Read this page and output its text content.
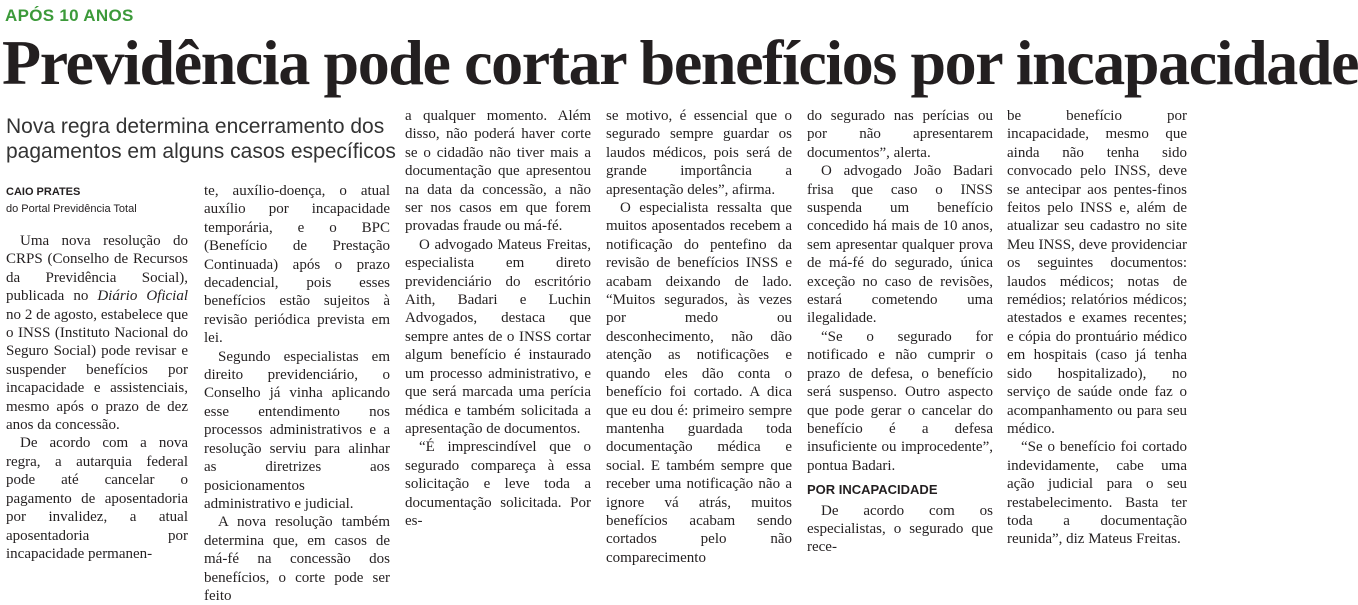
APÓS 10 ANOS
Previdência pode cortar benefícios por incapacidade
Nova regra determina encerramento dos pagamentos em alguns casos específicos
CAIO PRATES
do Portal Previdência Total

Uma nova resolução do CRPS (Conselho de Recursos da Previdência Social), publicada no Diário Oficial no 2 de agosto, estabelece que o INSS (Instituto Nacional do Seguro Social) pode revisar e suspender benefícios por incapacidade e assistenciais, mesmo após o prazo de dez anos da concessão.

De acordo com a nova regra, a autarquia federal pode até cancelar o pagamento de aposentadoria por invalidez, a atual aposentadoria por incapacidade permanen-

te, auxílio-doença, o atual auxílio por incapacidade temporária, e o BPC (Benefício de Prestação Continuada) após o prazo decadencial, pois esses benefícios estão sujeitos à revisão periódica prevista em lei.

Segundo especialistas em direito previdenciário, o Conselho já vinha aplicando esse entendimento nos processos administrativos e a resolução serviu para alinhar as diretrizes aos posicionamentos administrativo e judicial.

A nova resolução também determina que, em casos de má-fé na concessão dos benefícios, o corte pode ser feito

a qualquer momento. Além disso, não poderá haver corte se o cidadão não tiver mais a documentação que apresentou na data da concessão, a não ser nos casos em que forem provadas fraude ou má-fé.

O advogado Mateus Freitas, especialista em direto previdenciário do escritório Aith, Badari e Luchin Advogados, destaca que sempre antes de o INSS cortar algum benefício é instaurado um processo administrativo, e que será marcada uma perícia médica e também solicitada a apresentação de documentos.

“É imprescindível que o segurado compareça à essa solicitação e leve toda a documentação solicitada. Por es-

se motivo, é essencial que o segurado sempre guardar os laudos médicos, pois será de grande importância a apresentação deles”, afirma.

O especialista ressalta que muitos aposentados recebem a notificação do pentefino da revisão de benefícios INSS e acabam deixando de lado. “Muitos segurados, às vezes por medo ou desconhecimento, não dão atenção as notificações e quando eles dão conta o benefício foi cortado. A dica que eu dou é: primeiro sempre mantenha guardada toda documentação médica e social. E também sempre que receber uma notificação não a ignore vá atrás, muitos benefícios acabam sendo cortados pelo não comparecimento

do segurado nas perícias ou por não apresentarem documentos”, alerta.

O advogado João Badari frisa que caso o INSS suspenda um benefício concedido há mais de 10 anos, sem apresentar qualquer prova de má-fé do segurado, única exceção no caso de revisões, estará cometendo uma ilegalidade.

“Se o segurado for notificado e não cumprir o prazo de defesa, o benefício será suspenso. Outro aspecto que pode gerar o cancelar do benefício é a defesa insuficiente ou improcedente”, pontua Badari.

POR INCAPACIDADE

De acordo com os especialistas, o segurado que rece-

be benefício por incapacidade, mesmo que ainda não tenha sido convocado pelo INSS, deve se antecipar aos pentes-finos feitos pelo INSS e, além de atualizar seu cadastro no site Meu INSS, deve providenciar os seguintes documentos: laudos médicos; notas de remédios; relatórios médicos; atestados e exames recentes; e cópia do prontuário médico em hospitais (caso já tenha sido hospitalizado), no serviço de saúde onde faz o acompanhamento ou para seu médico.

“Se o benefício foi cortado indevidamente, cabe uma ação judicial para o seu restabelecimento. Basta ter toda a documentação reunida”, diz Mateus Freitas.
